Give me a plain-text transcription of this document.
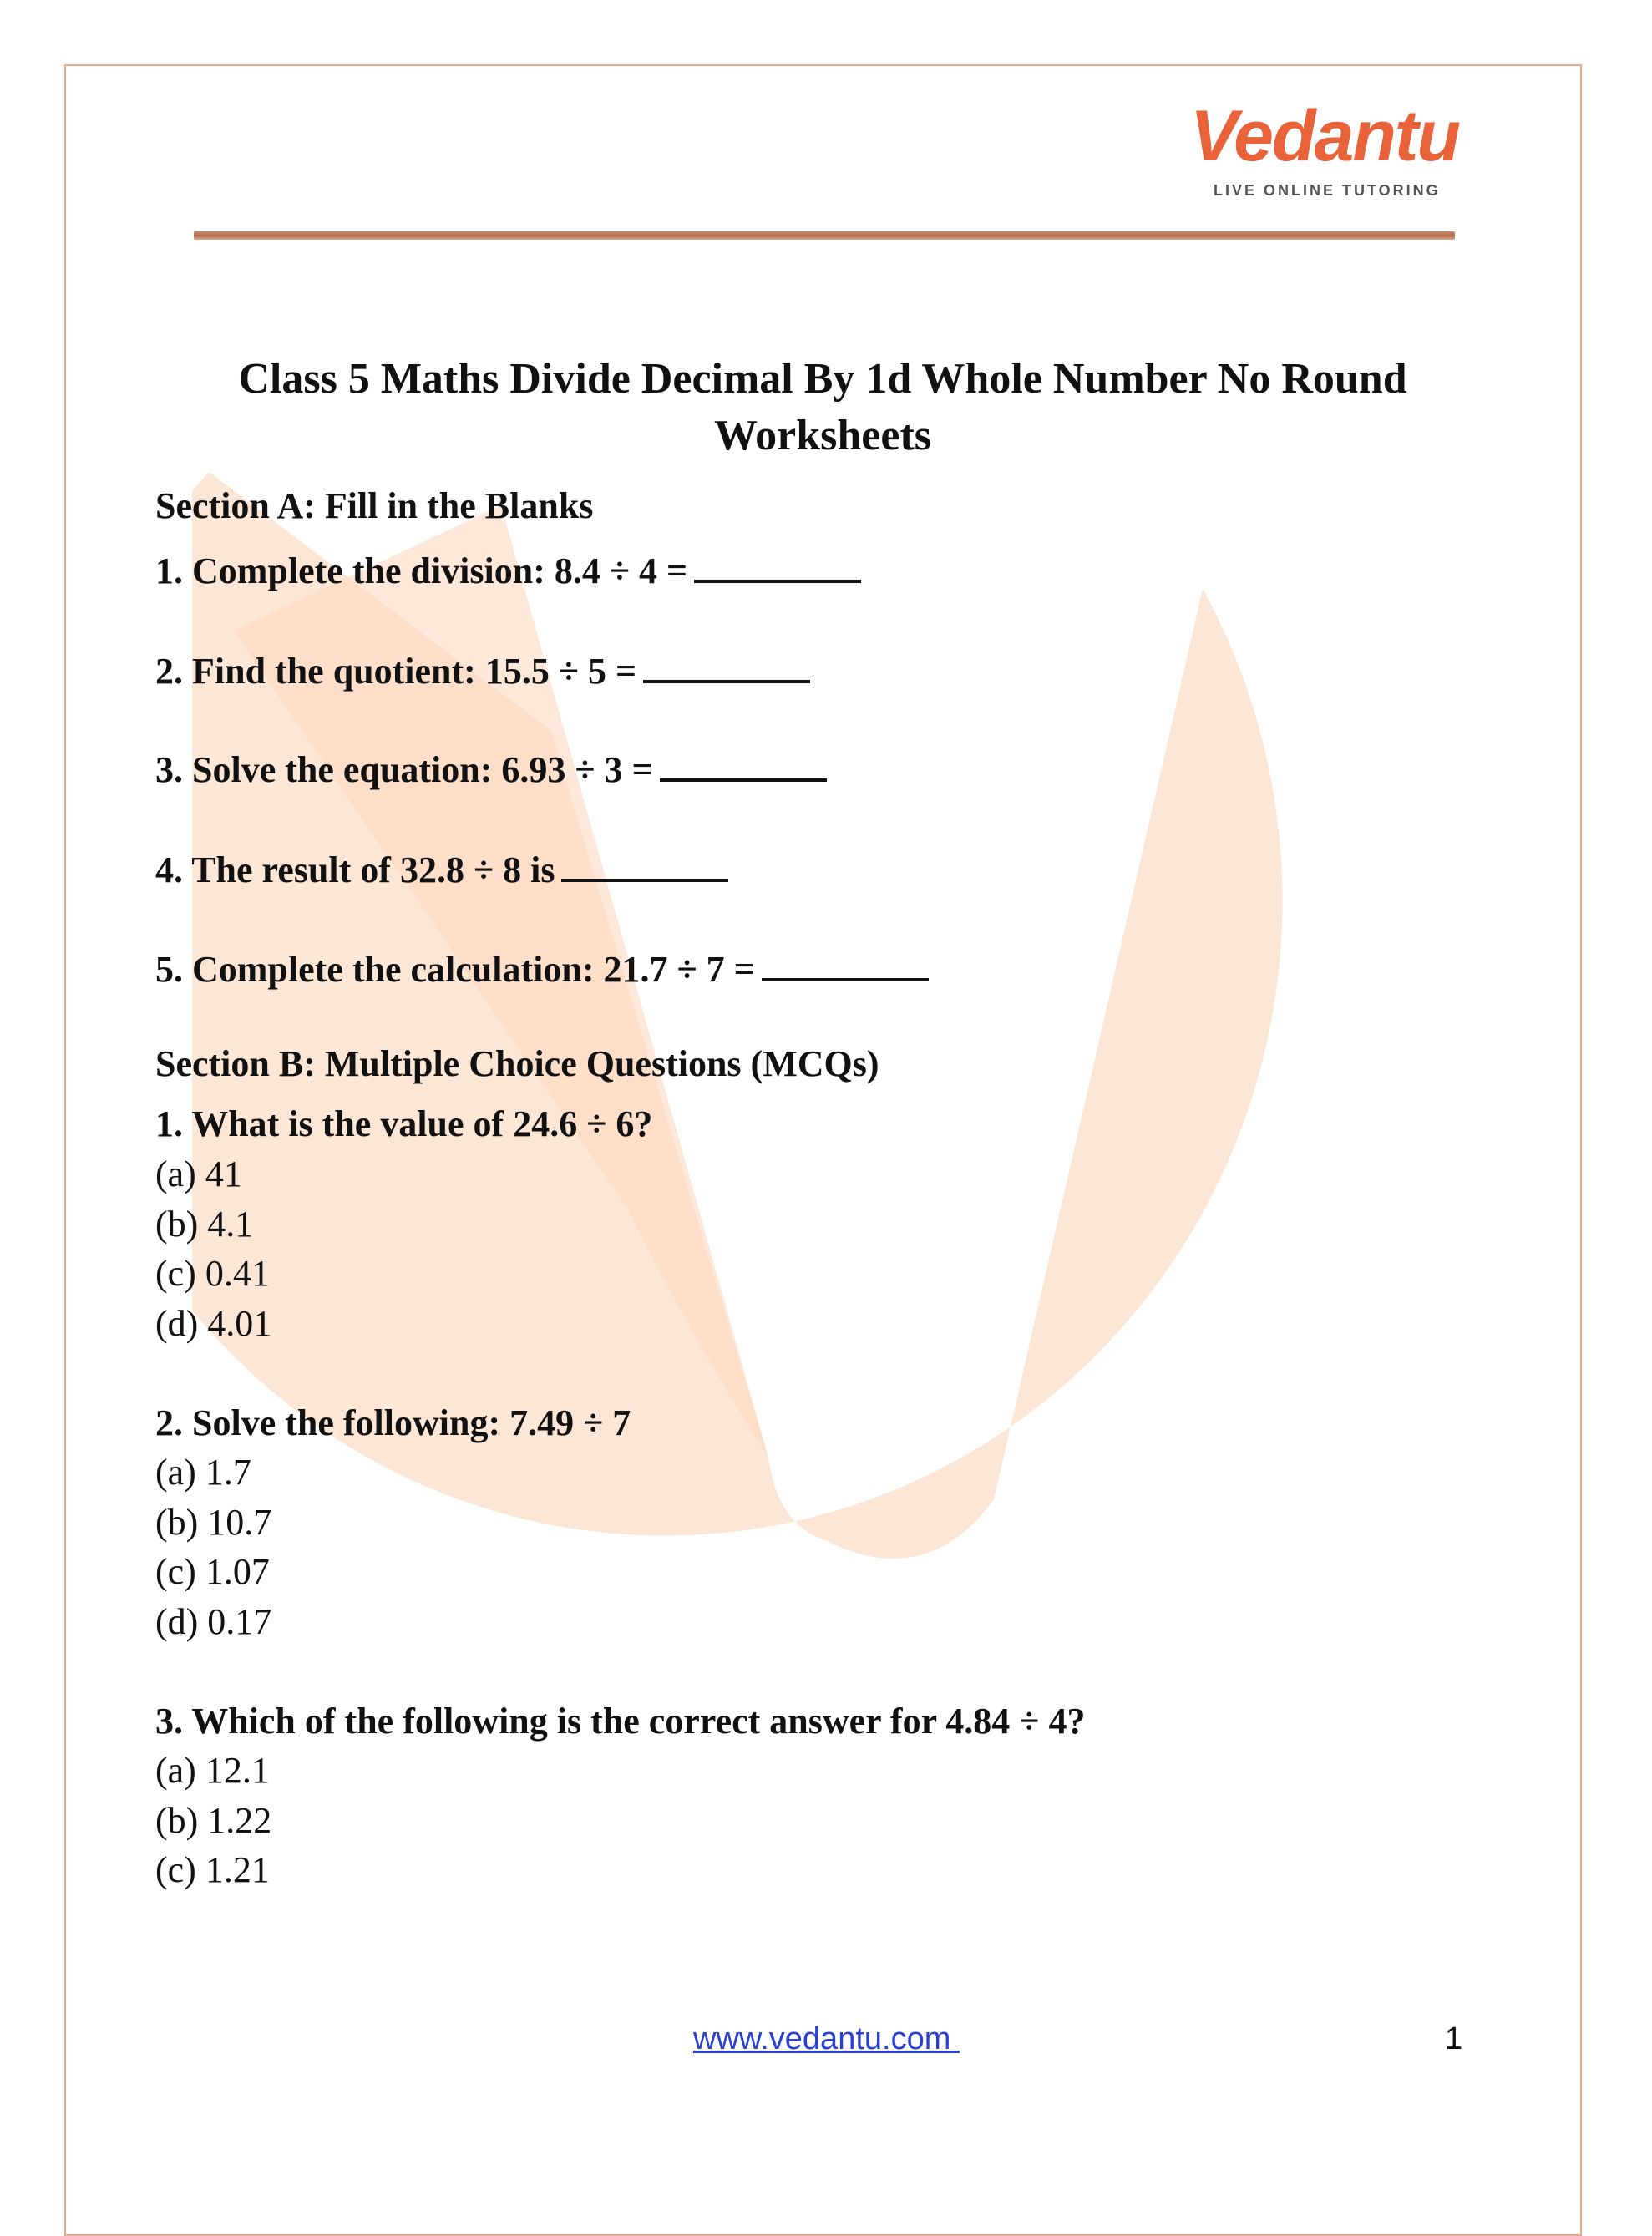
Vedantu
LIVE ONLINE TUTORING
Class 5 Maths Divide Decimal By 1d Whole Number No Round
Worksheets
Section A: Fill in the Blanks
1. Complete the division: 8.4 ÷ 4 =
2. Find the quotient: 15.5 ÷ 5 =
3. Solve the equation: 6.93 ÷ 3 =
4. The result of 32.8 ÷ 8 is
5. Complete the calculation: 21.7 ÷ 7 =
Section B: Multiple Choice Questions (MCQs)
1. What is the value of 24.6 ÷ 6?
(a) 41
(b) 4.1
(c) 0.41
(d) 4.01
2. Solve the following: 7.49 ÷ 7
(a) 1.7
(b) 10.7
(c) 1.07
(d) 0.17
3. Which of the following is the correct answer for 4.84 ÷ 4?
(a) 12.1
(b) 1.22
(c) 1.21
www.vedantu.com	1
